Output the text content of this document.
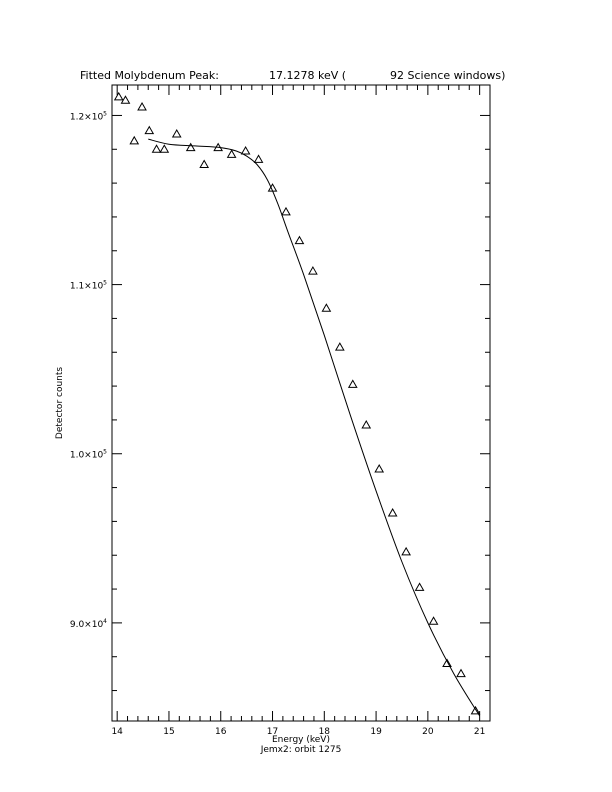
Fitted Molybdenum Peak:	17.1278 keV (	92 Science windows)
14	15	16	17	18	19	20	21
$9.0\times 10^4$
$1.0\times 10^5$
$1.1\times 10^5$
$1.2\times 10^5$
Energy (keV)
Jemx2: orbit 1275
Detector counts
